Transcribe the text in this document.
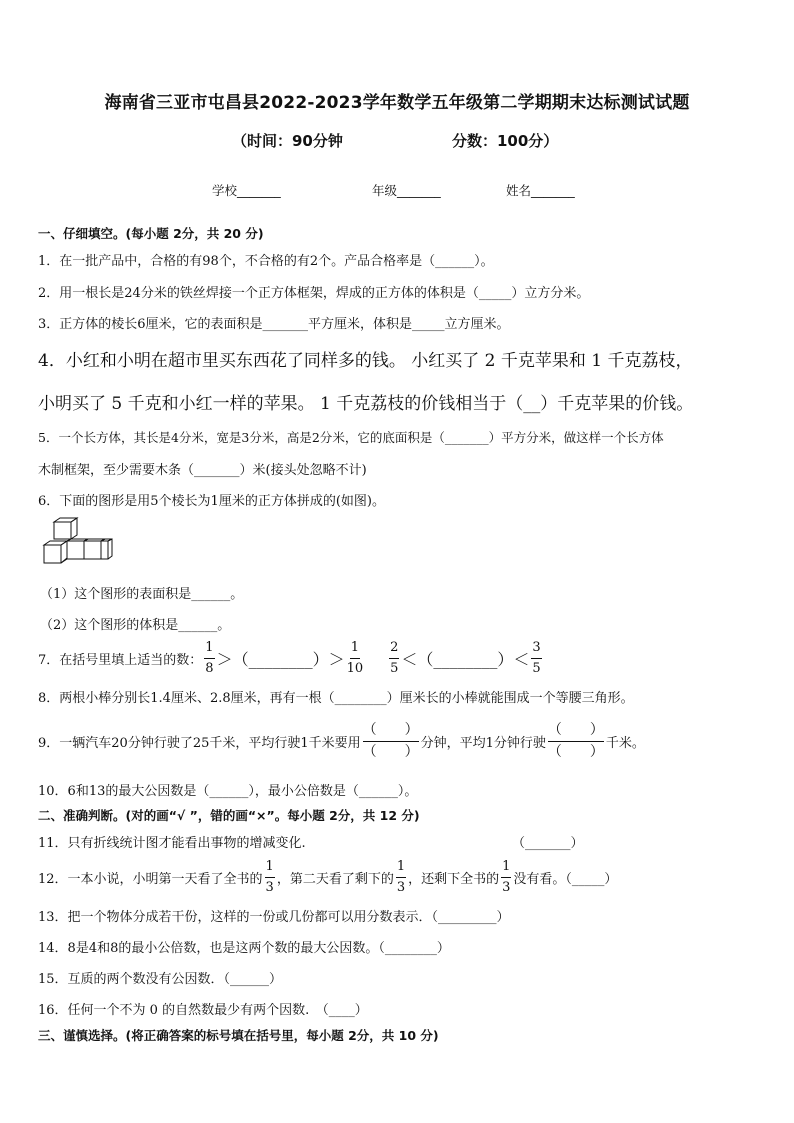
海南省三亚市屯昌县2022-2023学年数学五年级第二学期期末达标测试试题
（时间：90分钟	分数：100分）
学校_______	年级_______	姓名_______
一、仔细填空。(每小题 2分，共 20 分)
1．在一批产品中，合格的有98个，不合格的有2个。产品合格率是（______）。
2．用一根长是24分米的铁丝焊接一个正方体框架，焊成的正方体的体积是（_____）立方分米。
3．正方体的棱长6厘米，它的表面积是_______平方厘米，体积是_____立方厘米。
4．小红和小明在超市里买东西花了同样多的钱。 小红买了 2 千克苹果和 1 千克荔枝，
小明买了 5 千克和小红一样的苹果。 1 千克荔枝的价钱相当于（__）千克苹果的价钱。
5．一个长方体，其长是4分米，宽是3分米，高是2分米，它的底面积是（_______）平方分米，做这样一个长方体
木制框架，至少需要木条（_______）米(接头处忽略不计)
6．下面的图形是用5个棱长为1厘米的正方体拼成的(如图)。
（1）这个图形的表面积是______。
（2）这个图形的体积是______。
7．在括号里填上适当的数： $\frac{1}{8}$ ＞（________）＞ $\frac{1}{10} \frac{2}{5}$ ＜（________）＜ $\frac{3}{5}$
8．两根小棒分别长1.4厘米、2.8厘米，再有一根（________）厘米长的小棒就能围成一个等腰三角形。
9．一辆汽车20分钟行驶了25千米，平均行驶1千米要用 $\frac{( )}{( )}$ 分钟，平均1分钟行驶 $\frac{( )}{( )}$ 千米。
10．6和13的最大公因数是（______），最小公倍数是（______）。
二、准确判断。(对的画“√ ”，错的画“×”。每小题 2分，共 12 分)
11．只有折线统计图才能看出事物的增减变化.	（_______）
12．一本小说，小明第一天看了全书的 $\frac{1}{3}$ ，第二天看了剩下的 $\frac{1}{3}$ ，还剩下全书的 $\frac{1}{3}$ 没有看。（_____）
13．把一个物体分成若干份，这样的一份或几份都可以用分数表示．（_________）
14．8是4和8的最小公倍数，也是这两个数的最大公因数。（________）
15．互质的两个数没有公因数．（______）
16．任何一个不为 0 的自然数最少有两个因数.　（____）
三、谨慎选择。(将正确答案的标号填在括号里，每小题 2分，共 10 分)
